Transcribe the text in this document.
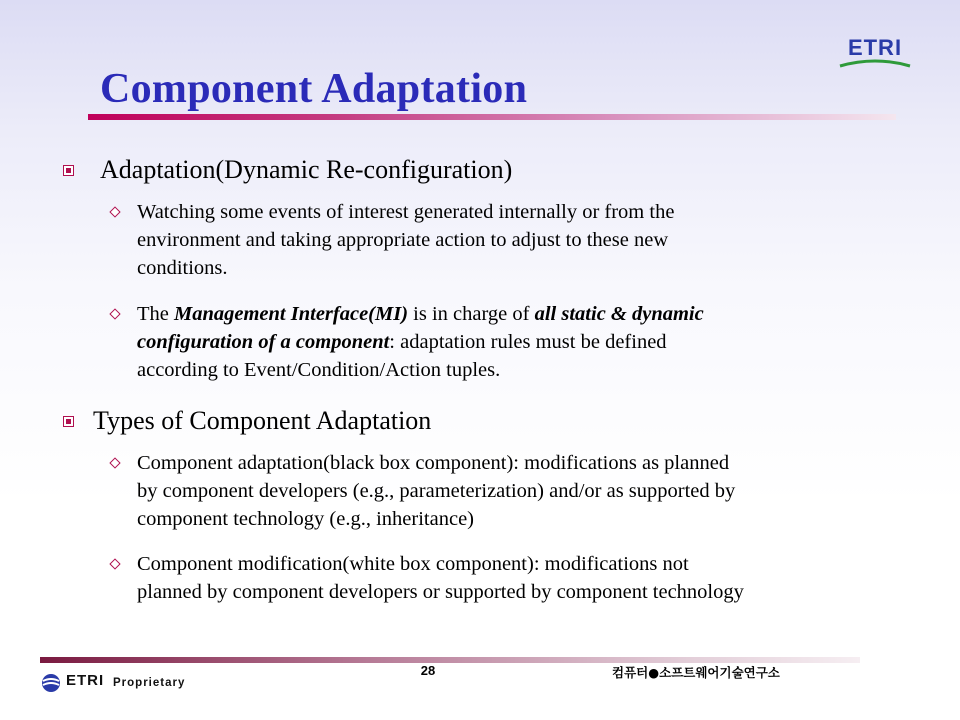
ETRI
Component Adaptation
Adaptation(Dynamic Re-configuration)
Watching some events of interest generated internally or from the
environment and taking appropriate action to adjust to these new
conditions.
The Management Interface(MI) is in charge of all static & dynamic
configuration of a component: adaptation rules must be defined
according to Event/Condition/Action tuples.
Types of Component Adaptation
Component adaptation(black box component): modifications as planned
by component developers (e.g., parameterization) and/or as supported by
component technology (e.g., inheritance)
Component modification(white box component): modifications not
planned by component developers or supported by component technology
28	컴퓨터●소프트웨어기술연구소
ETRI Proprietary
